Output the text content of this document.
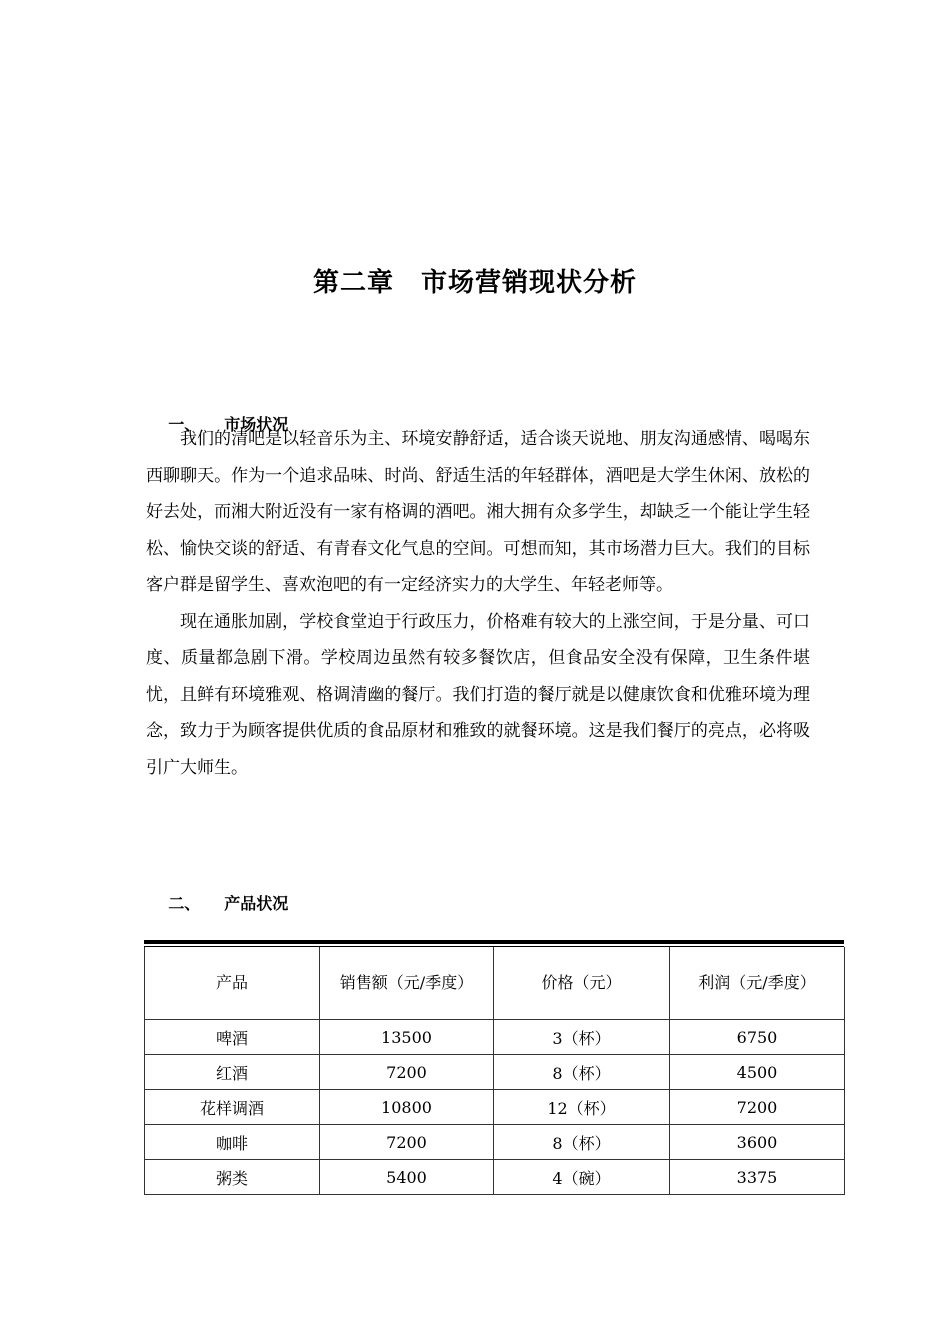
第二章　市场营销现状分析

一、 市场状况

我们的清吧是以轻音乐为主、环境安静舒适，适合谈天说地、朋友沟通感情、喝喝东西聊聊天。作为一个追求品味、时尚、舒适生活的年轻群体，酒吧是大学生休闲、放松的好去处，而湘大附近没有一家有格调的酒吧。湘大拥有众多学生，却缺乏一个能让学生轻松、愉快交谈的舒适、有青春文化气息的空间。可想而知，其市场潜力巨大。我们的目标客户群是留学生、喜欢泡吧的有一定经济实力的大学生、年轻老师等。

现在通胀加剧，学校食堂迫于行政压力，价格难有较大的上涨空间，于是分量、可口度、质量都急剧下滑。学校周边虽然有较多餐饮店，但食品安全没有保障，卫生条件堪忧，且鲜有环境雅观、格调清幽的餐厅。我们打造的餐厅就是以健康饮食和优雅环境为理念，致力于为顾客提供优质的食品原材和雅致的就餐环境。这是我们餐厅的亮点，必将吸引广大师生。

二、 产品状况

产品	销售额（元/季度）	价格（元）	利润（元/季度）
啤酒	13500	3（杯）	6750
红酒	7200	8（杯）	4500
花样调酒	10800	12（杯）	7200
咖啡	7200	8（杯）	3600
粥类	5400	4（碗）	3375
